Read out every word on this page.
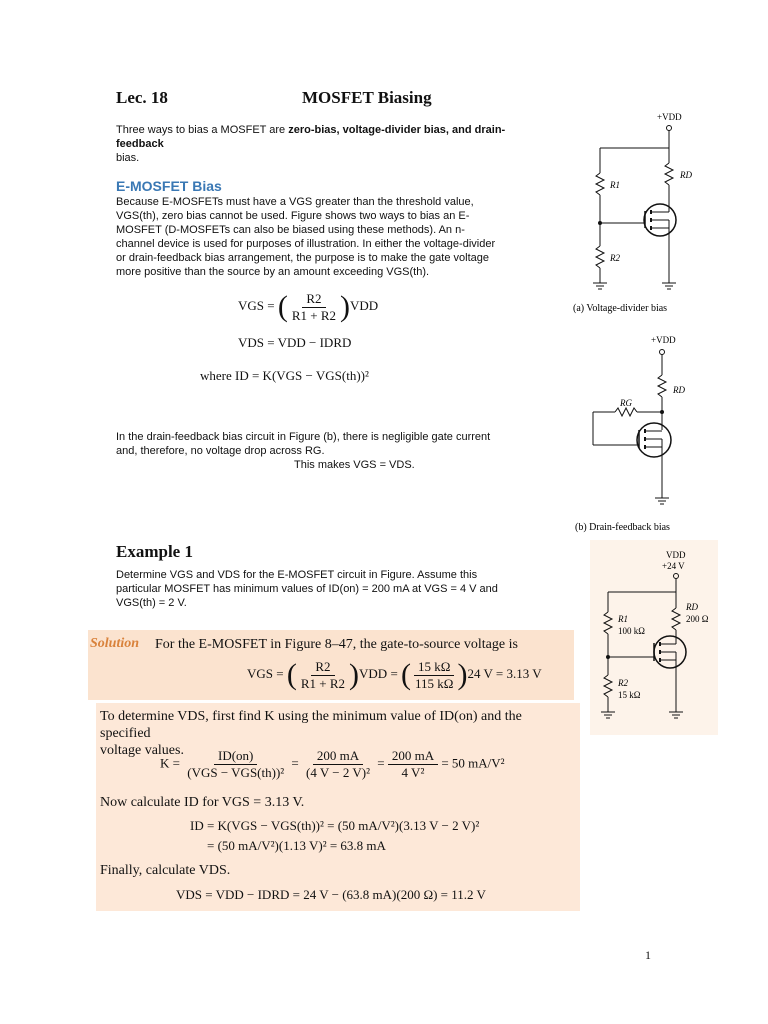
Lec. 18	MOSFET Biasing
Three ways to bias a MOSFET are zero-bias, voltage-divider bias, and drain-feedback
bias.
E-MOSFET Bias
Because E-MOSFETs must have a VGS greater than the threshold value,
VGS(th), zero bias cannot be used. Figure shows two ways to bias an E-
MOSFET (D-MOSFETs can also be biased using these methods). An n-
channel device is used for purposes of illustration. In either the voltage-divider
or drain-feedback bias arrangement, the purpose is to make the gate voltage
more positive than the source by an amount exceeding VGS(th).
VGS = ( $\frac{R2}{R1 + R2} )VDD$
VDS = VDD − IDRD
where ID = K(VGS − VGS(th))²
In the drain-feedback bias circuit in Figure (b), there is negligible gate current
and, therefore, no voltage drop across RG.
This makes VGS = VDS.
+VDD
RD
R1
R2
(a) Voltage-divider bias
+VDD
RD
RG
(b) Drain-feedback bias
Example 1
Determine VGS and VDS for the E-MOSFET circuit in Figure. Assume this
particular MOSFET has minimum values of ID(on) = 200 mA at VGS = 4 V and
VGS(th) = 2 V.
VDD
+24 V
R1
100 kΩ
RD
200 Ω
R2
15 kΩ
Solution For the E-MOSFET in Figure 8–47, the gate-to-source voltage is
VGS = ( $\frac{R2}{R1 + R2} )VDD$ = ( $\frac{15 k\Omega}{115 k\Omega} )24$ V = 3.13 V
To determine VDS, first find K using the minimum value of ID(on) and the specified
voltage values.
$K = \frac{ID(on)}{\text{(VGS − VGS(th))²}} = \frac{200 mA}{\text{(4 V − 2 V)²}} = \frac{200 mA}{\text{4 V²}} = 50$ mA/V²
Now calculate ID for VGS = 3.13 V.
ID = K(VGS − VGS(th))² = (50 mA/V²)(3.13 V − 2 V)²
= (50 mA/V²)(1.13 V)² = 63.8 mA
Finally, calculate VDS.
VDS = VDD − IDRD = 24 V − (63.8 mA)(200 Ω) = 11.2 V
1
